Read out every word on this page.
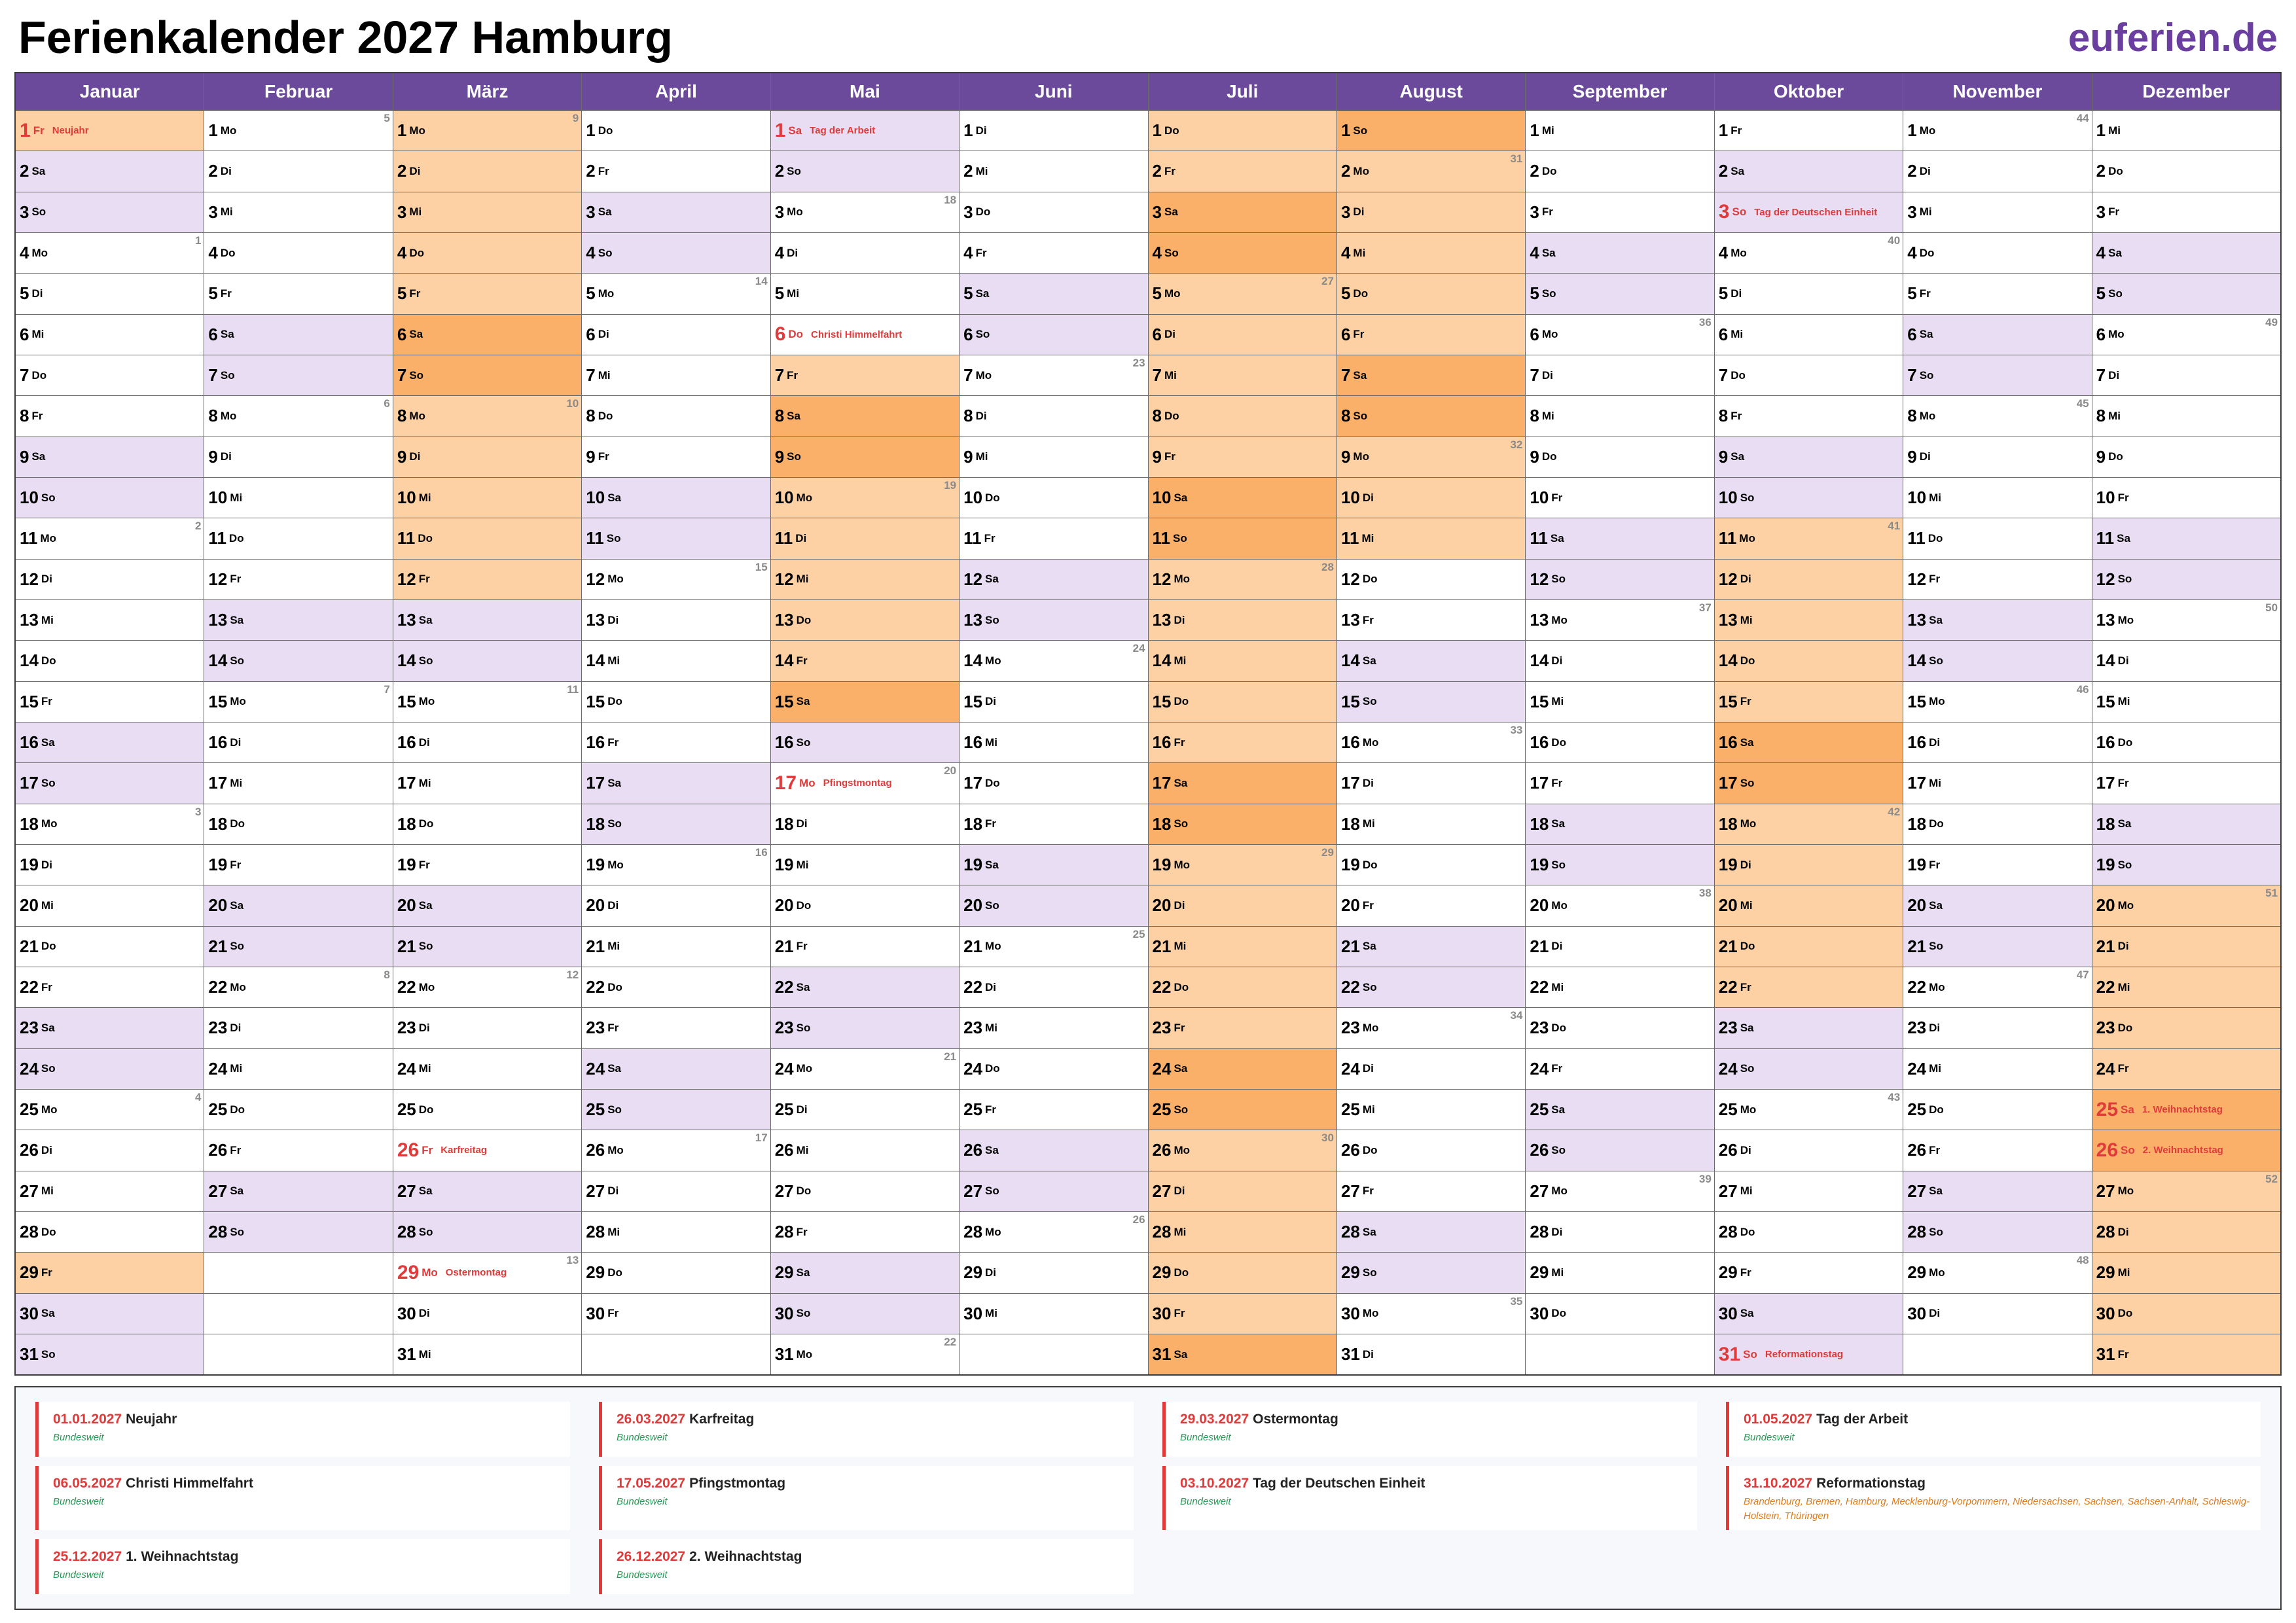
Ferienkalender 2027 Hamburg	euferien.de
Januar
1 Fr Neujahr
2 Sa
3 So
4 Mo
1
5 Di
6 Mi
7 Do
8 Fr
9 Sa
10 So
11 Mo
2
12 Di
13 Mi
14 Do
15 Fr
16 Sa
17 So
18 Mo
3
19 Di
20 Mi
21 Do
22 Fr
23 Sa
24 So
25 Mo
4
26 Di
27 Mi
28 Do
29 Fr
30 Sa
31 So
Februar
1 Mo
5
2 Di
3 Mi
4 Do
5 Fr
6 Sa
7 So
8 Mo
6
9 Di
10 Mi
11 Do
12 Fr
13 Sa
14 So
15 Mo
7
16 Di
17 Mi
18 Do
19 Fr
20 Sa
21 So
22 Mo
8
23 Di
24 Mi
25 Do
26 Fr
27 Sa
28 So
März
1 Mo
9
2 Di
3 Mi
4 Do
5 Fr
6 Sa
7 So
8 Mo
10
9 Di
10 Mi
11 Do
12 Fr
13 Sa
14 So
15 Mo
11
16 Di
17 Mi
18 Do
19 Fr
20 Sa
21 So
22 Mo
12
23 Di
24 Mi
25 Do
26 Fr Karfreitag
27 Sa
28 So
29 Mo Ostermontag
13
30 Di
31 Mi
April
1 Do
2 Fr
3 Sa
4 So
5 Mo
14
6 Di
7 Mi
8 Do
9 Fr
10 Sa
11 So
12 Mo
15
13 Di
14 Mi
15 Do
16 Fr
17 Sa
18 So
19 Mo
16
20 Di
21 Mi
22 Do
23 Fr
24 Sa
25 So
26 Mo
17
27 Di
28 Mi
29 Do
30 Fr
Mai
1 Sa Tag der Arbeit
2 So
3 Mo
18
4 Di
5 Mi
6 Do Christi Himmelfahrt
7 Fr
8 Sa
9 So
10 Mo
19
11 Di
12 Mi
13 Do
14 Fr
15 Sa
16 So
17 Mo Pfingstmontag
20
18 Di
19 Mi
20 Do
21 Fr
22 Sa
23 So
24 Mo
21
25 Di
26 Mi
27 Do
28 Fr
29 Sa
30 So
31 Mo
22
Juni
1 Di
2 Mi
3 Do
4 Fr
5 Sa
6 So
7 Mo
23
8 Di
9 Mi
10 Do
11 Fr
12 Sa
13 So
14 Mo
24
15 Di
16 Mi
17 Do
18 Fr
19 Sa
20 So
21 Mo
25
22 Di
23 Mi
24 Do
25 Fr
26 Sa
27 So
28 Mo
26
29 Di
30 Mi
Juli
1 Do
2 Fr
3 Sa
4 So
5 Mo
27
6 Di
7 Mi
8 Do
9 Fr
10 Sa
11 So
12 Mo
28
13 Di
14 Mi
15 Do
16 Fr
17 Sa
18 So
19 Mo
29
20 Di
21 Mi
22 Do
23 Fr
24 Sa
25 So
26 Mo
30
27 Di
28 Mi
29 Do
30 Fr
31 Sa
August
1 So
2 Mo
31
3 Di
4 Mi
5 Do
6 Fr
7 Sa
8 So
9 Mo
32
10 Di
11 Mi
12 Do
13 Fr
14 Sa
15 So
16 Mo
33
17 Di
18 Mi
19 Do
20 Fr
21 Sa
22 So
23 Mo
34
24 Di
25 Mi
26 Do
27 Fr
28 Sa
29 So
30 Mo
35
31 Di
September
1 Mi
2 Do
3 Fr
4 Sa
5 So
6 Mo
36
7 Di
8 Mi
9 Do
10 Fr
11 Sa
12 So
13 Mo
37
14 Di
15 Mi
16 Do
17 Fr
18 Sa
19 So
20 Mo
38
21 Di
22 Mi
23 Do
24 Fr
25 Sa
26 So
27 Mo
39
28 Di
29 Mi
30 Do
Oktober
1 Fr
2 Sa
3 So Tag der Deutschen Einheit
4 Mo
40
5 Di
6 Mi
7 Do
8 Fr
9 Sa
10 So
11 Mo
41
12 Di
13 Mi
14 Do
15 Fr
16 Sa
17 So
18 Mo
42
19 Di
20 Mi
21 Do
22 Fr
23 Sa
24 So
25 Mo
43
26 Di
27 Mi
28 Do
29 Fr
30 Sa
31 So Reformationstag
November
1 Mo
44
2 Di
3 Mi
4 Do
5 Fr
6 Sa
7 So
8 Mo
45
9 Di
10 Mi
11 Do
12 Fr
13 Sa
14 So
15 Mo
46
16 Di
17 Mi
18 Do
19 Fr
20 Sa
21 So
22 Mo
47
23 Di
24 Mi
25 Do
26 Fr
27 Sa
28 So
29 Mo
48
30 Di
Dezember
1 Mi
2 Do
3 Fr
4 Sa
5 So
6 Mo
49
7 Di
8 Mi
9 Do
10 Fr
11 Sa
12 So
13 Mo
50
14 Di
15 Mi
16 Do
17 Fr
18 Sa
19 So
20 Mo
51
21 Di
22 Mi
23 Do
24 Fr
25 Sa 1. Weihnachtstag
26 So 2. Weihnachtstag
27 Mo
52
28 Di
29 Mi
30 Do
31 Fr
01.01.2027 Neujahr
Bundesweit
26.03.2027 Karfreitag
Bundesweit
29.03.2027 Ostermontag
Bundesweit
01.05.2027 Tag der Arbeit
Bundesweit
06.05.2027 Christi Himmelfahrt
Bundesweit
17.05.2027 Pfingstmontag
Bundesweit
03.10.2027 Tag der Deutschen Einheit
Bundesweit
31.10.2027 Reformationstag
Brandenburg, Bremen, Hamburg, Mecklenburg-Vorpommern, Niedersachsen, Sachsen, Sachsen-Anhalt, Schleswig-Holstein, Thüringen
25.12.2027 1. Weihnachtstag
Bundesweit
26.12.2027 2. Weihnachtstag
Bundesweit
